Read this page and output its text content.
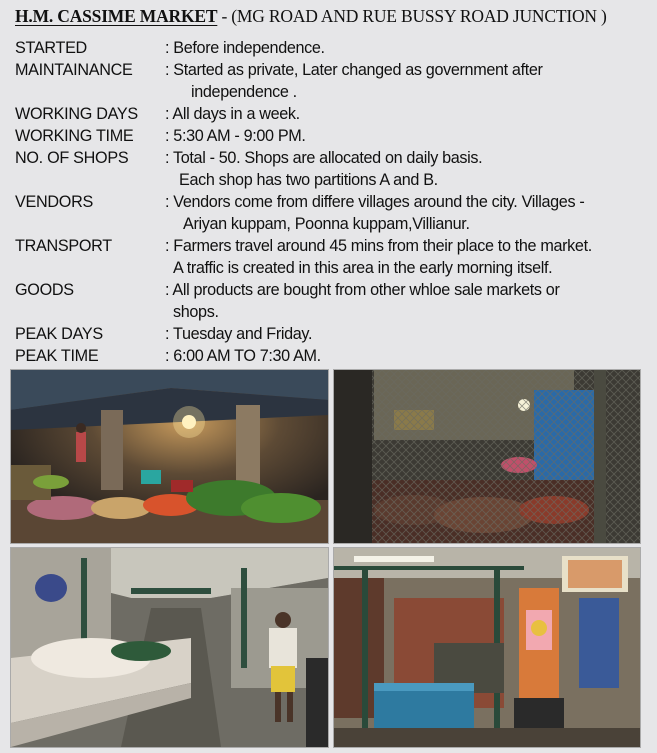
H.M. CASSIME MARKET - (MG ROAD AND RUE BUSSY ROAD JUNCTION )
STARTED	: Before independence.
MAINTAINANCE	: Started as private, Later changed as government after
independence .
WORKING DAYS	: All days in a week.
WORKING TIME	: 5:30 AM - 9:00 PM.
NO. OF SHOPS	: Total - 50. Shops are allocated on daily basis.
Each shop has two partitions A and B.
VENDORS	: Vendors come from differe villages around the city. Villages -
Ariyan kuppam, Poonna kuppam,Villianur.
TRANSPORT	: Farmers travel around 45 mins from their place to the market.
A traffic is created in this area in the early morning itself.
GOODS	: All products are bought from other whloe sale markets or
shops.
PEAK DAYS	: Tuesday and Friday.
PEAK TIME	: 6:00 AM TO 7:30 AM.
